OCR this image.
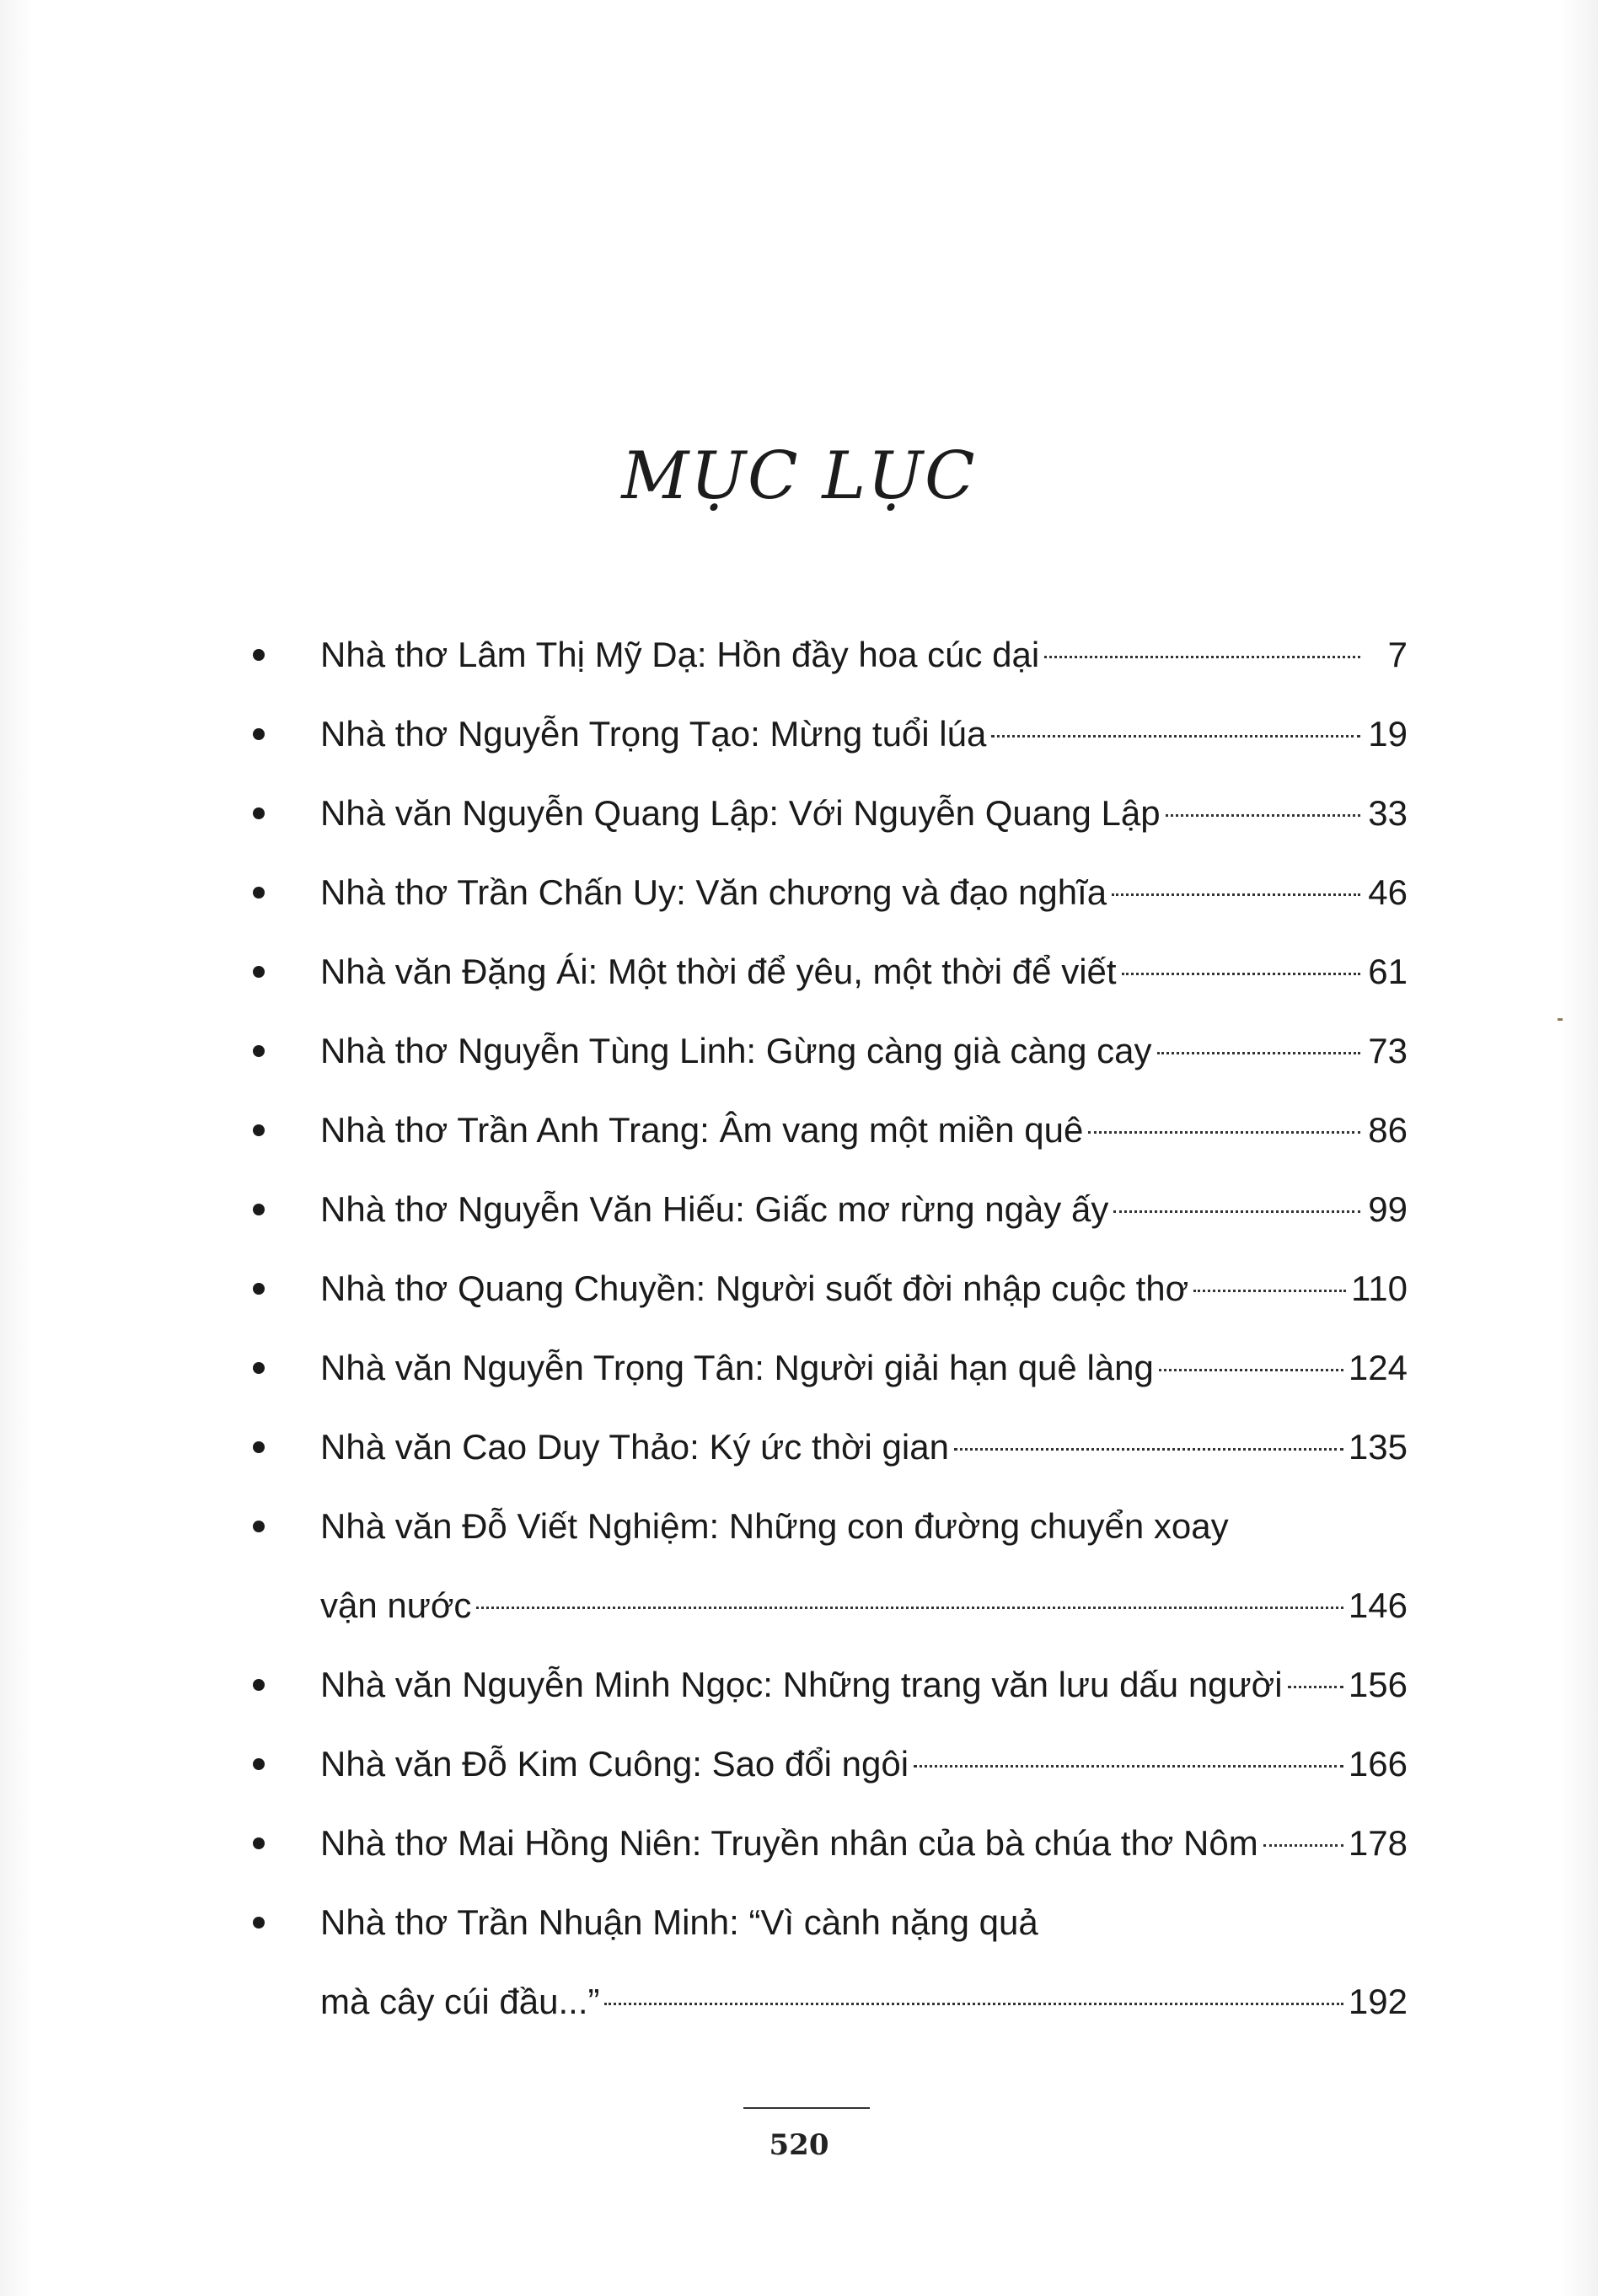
MỤC LỤC
Nhà thơ Lâm Thị Mỹ Dạ: Hồn đầy hoa cúc dại	7
Nhà thơ Nguyễn Trọng Tạo: Mừng tuổi lúa	19
Nhà văn Nguyễn Quang Lập: Với Nguyễn Quang Lập	33
Nhà thơ Trần Chấn Uy: Văn chương và đạo nghĩa	46
Nhà văn Đặng Ái: Một thời để yêu, một thời để viết	61
Nhà thơ Nguyễn Tùng Linh: Gừng càng già càng cay	73
Nhà thơ Trần Anh Trang: Âm vang một miền quê	86
Nhà thơ Nguyễn Văn Hiếu: Giấc mơ rừng ngày ấy	99
Nhà thơ Quang Chuyền: Người suốt đời nhập cuộc thơ	110
Nhà văn Nguyễn Trọng Tân: Người giải hạn quê làng	124
Nhà văn Cao Duy Thảo: Ký ức thời gian	135
Nhà văn Đỗ Viết Nghiệm: Những con đường chuyển xoay
vận nước	146
Nhà văn Nguyễn Minh Ngọc: Những trang văn lưu dấu người 156
Nhà văn Đỗ Kim Cuông: Sao đổi ngôi	166
Nhà thơ Mai Hồng Niên: Truyền nhân của bà chúa thơ Nôm	178
Nhà thơ Trần Nhuận Minh: “Vì cành nặng quả
mà cây cúi đầu...”	192
520
